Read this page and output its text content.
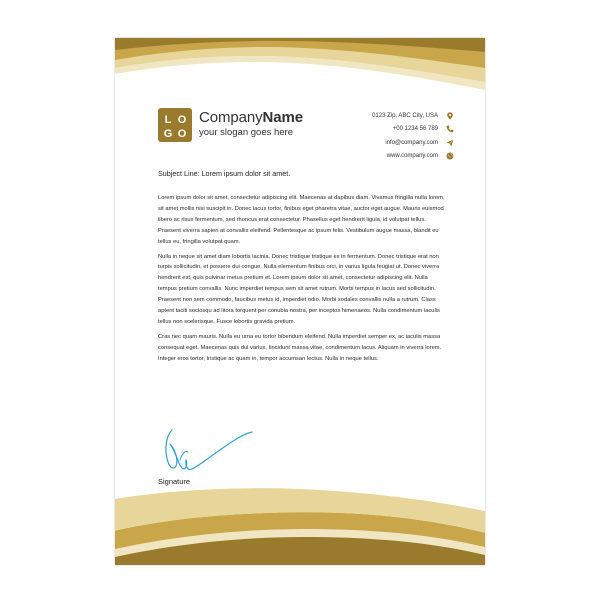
L O
G O
CompanyName
your slogan goes here
0123 Zip, ABC City, USA
+00 1234 56 789
info@company.com
www.company.com
Subject Line: Lorem ipsum dolor sit amet.

Lorem ipsum dolor sit amet, consectetur adipiscing elit. Maecenas at dapibus diam. Vivamus fringilla nulla lorem, sit amet mollis nisi suscipit in. Donec lacus tortor, finibus eget pharetra vitae, auctor eget augue. Mauris euismod libero ac risus fermentum, sed rhoncus erat consectetur. Phasellus eget hendrerit ligula, id volutpat tellus. Praesent viverra sapien at convallis eleifend. Pellentesque ac ipsum felis. Vestibulum augue massa, blandit eu tellus eu, fringilla volutpat quam.

Nulla in neque sit amet diam lobortis lacinia. Donec tristique tristique ex in fermentum. Donec tristique erat non turpis sollicitudin, et posuere dui congue. Nulla elementum finibus orci, in varius ligula feugiat ut. Donec viverra hendrerit est, quis pulvinar metus pretium et. Lorem ipsum dolor sit amet, consectetur adipiscing elit. Nulla tempus pretium convallis. Nunc imperdiet tempus sem sit amet rutrum. Morbi tempus in lacus sed sollicitudin. Praesent non sem commodo, faucibus metus id, imperdiet odio. Morbi sodales convallis nulla a rutrum. Class aptent taciti sociosqu ad litora torquent per conubia nostra, per inceptos himenaeos. Nulla condimentum iaculis tellus non scelerisque. Fusce lobortis gravida pretium.

Cras nec quam mauris. Nulla eu urna eu tortor bibendum eleifend. Nulla imperdiet semper ex, ac iaculis massa consequat eget. Maecenas quis dui varius, tincidunt massa vitae, condimentum lacus. Aliquam in viverra lorem. Integer eros tortor, tristique ac quam in, tempor accumsan lectus. Nulla in neque tellus.

Signature
